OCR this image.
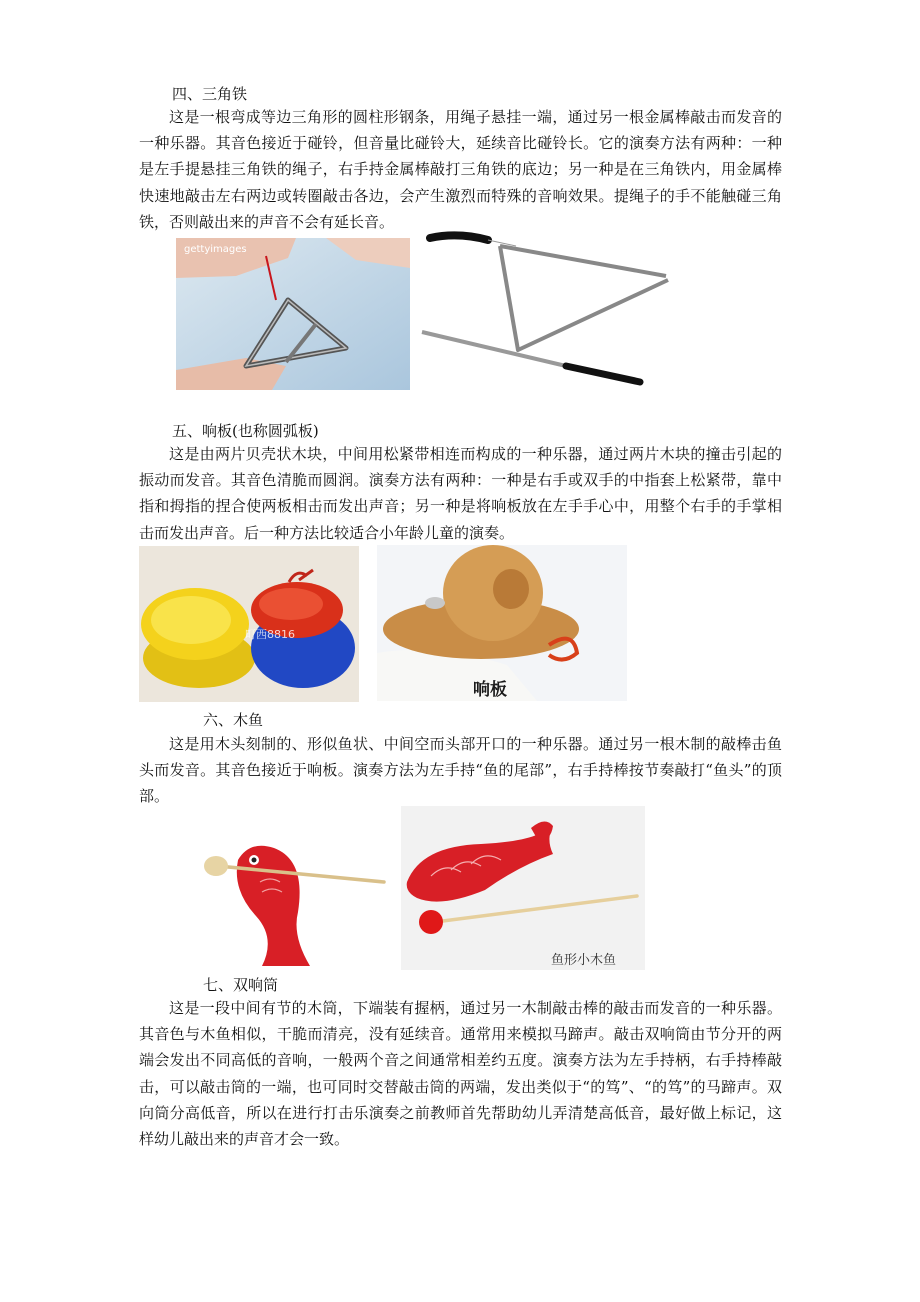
四、三角铁

这是一根弯成等边三角形的圆柱形钢条，用绳子悬挂一端，通过另一根金属棒敲击而发音的一种乐器。其音色接近于碰铃，但音量比碰铃大，延续音比碰铃长。它的演奏方法有两种：一种是左手提悬挂三角铁的绳子，右手持金属棒敲打三角铁的底边；另一种是在三角铁内，用金属棒快速地敲击左右两边或转圈敲击各边，会产生激烈而特殊的音响效果。提绳子的手不能触碰三角铁，否则敲出来的声音不会有延长音。

gettyimages
五、响板(也称圆弧板)

这是由两片贝壳状木块，中间用松紧带相连而构成的一种乐器，通过两片木块的撞击引起的振动而发音。其音色清脆而圆润。演奏方法有两种：一种是右手或双手的中指套上松紧带，靠中指和拇指的捏合使两板相击而发出声音；另一种是将响板放在左手手心中，用整个右手的手掌相击而发出声音。后一种方法比较适合小年龄儿童的演奏。

町西8816
响板
六、木鱼

这是用木头刻制的、形似鱼状、中间空而头部开口的一种乐器。通过另一根木制的敲棒击鱼头而发音。其音色接近于响板。演奏方法为左手持“鱼的尾部”，右手持棒按节奏敲打“鱼头”的顶部。

鱼形小木鱼
七、双响筒

这是一段中间有节的木筒，下端装有握柄，通过另一木制敲击棒的敲击而发音的一种乐器。其音色与木鱼相似，干脆而清亮，没有延续音。通常用来模拟马蹄声。敲击双响筒由节分开的两端会发出不同高低的音响，一般两个音之间通常相差约五度。演奏方法为左手持柄，右手持棒敲击，可以敲击筒的一端，也可同时交替敲击筒的两端，发出类似于“的笃”、“的笃”的马蹄声。双向筒分高低音，所以在进行打击乐演奏之前教师首先帮助幼儿弄清楚高低音，最好做上标记，这样幼儿敲出来的声音才会一致。
